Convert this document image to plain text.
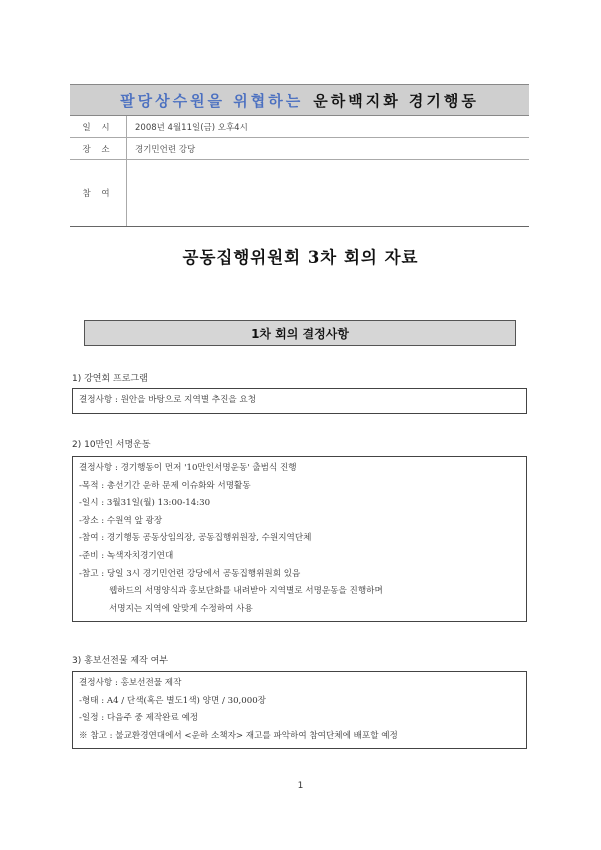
팔당상수원을 위협하는 운하백지화 경기행동
일 시	2008년 4월11일(금) 오후4시
장 소	경기민언련 강당
참 여	
공동집행위원회 3차 회의 자료
1차 회의 결정사항
1) 강연회 프로그램
결정사항 : 원안을 바탕으로 지역별 추진을 요청
2) 10만인 서명운동
결정사항 : 경기행동이 먼저 '10만인서명운동' 출범식 진행
-목적 : 총선기간 운하 문제 이슈화와 서명활동
-일시 : 3월31일(월) 13:00-14:30
-장소 : 수원역 앞 광장
-참여 : 경기행동 공동상임의장, 공동집행위원장, 수원지역단체
-준비 : 녹색자치경기연대
-참고 : 당일 3시 경기민언련 강당에서 공동집행위원회 있음
웹하드의 서명양식과 홍보단화를 내려받아 지역별로 서명운동을 진행하며
서명지는 지역에 알맞게 수정하여 사용
3) 홍보선전물 제작 여부
결정사항 : 홍보선전물 제작
-형태 : A4 / 단색(혹은 별도1색) 양면 / 30,000장
-일정 : 다음주 중 제작완료 예정
※ 참고 : 불교환경연대에서 <운하 소책자> 재고를 파악하여 참여단체에 배포할 예정
1
